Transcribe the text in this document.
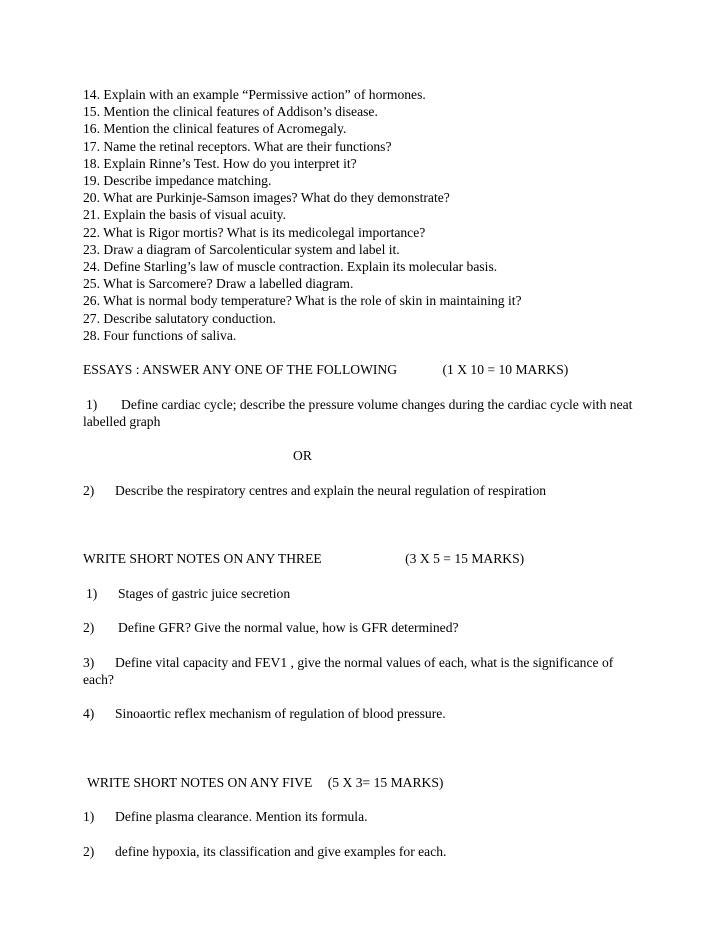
14. Explain with an example “Permissive action” of hormones.
15. Mention the clinical features of Addison’s disease.
16. Mention the clinical features of Acromegaly.
17. Name the retinal receptors. What are their functions?
18. Explain Rinne’s Test. How do you interpret it?
19. Describe impedance matching.
20. What are Purkinje-Samson images? What do they demonstrate?
21. Explain the basis of visual acuity.
22. What is Rigor mortis? What is its medicolegal importance?
23. Draw a diagram of Sarcolenticular system and label it.
24. Define Starling’s law of muscle contraction. Explain its molecular basis.
25. What is Sarcomere? Draw a labelled diagram.
26. What is normal body temperature? What is the role of skin in maintaining it?
27. Describe salutatory conduction.
28. Four functions of saliva.
ESSAYS : ANSWER ANY ONE OF THE FOLLOWING	(1 X 10 = 10 MARKS)
1) Define cardiac cycle; describe the pressure volume changes during the cardiac cycle with neat labelled graph
OR
2) Describe the respiratory centres and explain the neural regulation of respiration
WRITE SHORT NOTES ON ANY THREE	(3 X 5 = 15 MARKS)
1) Stages of gastric juice secretion
2) Define GFR? Give the normal value, how is GFR determined?
3) Define vital capacity and FEV1 , give the normal values of each, what is the significance of each?
4) Sinoaortic reflex mechanism of regulation of blood pressure.
WRITE SHORT NOTES ON ANY FIVE (5 X 3= 15 MARKS)
1) Define plasma clearance. Mention its formula.
2) define hypoxia, its classification and give examples for each.
